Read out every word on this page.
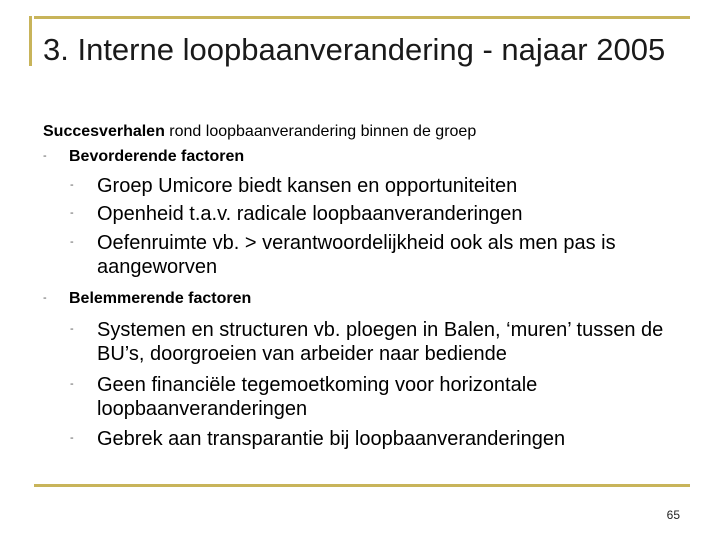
3. Interne loopbaanverandering - najaar 2005
Succesverhalen rond loopbaanverandering binnen de groep
- Bevorderende factoren
- Groep Umicore biedt kansen en opportuniteiten
- Openheid t.a.v. radicale loopbaanveranderingen
- Oefenruimte vb. > verantwoordelijkheid ook als men pas is aangeworven
- Belemmerende factoren
- Systemen en structuren vb. ploegen in Balen, ‘muren’ tussen de BU’s, doorgroeien van arbeider naar bediende
- Geen financiële tegemoetkoming voor horizontale loopbaanveranderingen
- Gebrek aan transparantie bij loopbaanveranderingen
65
